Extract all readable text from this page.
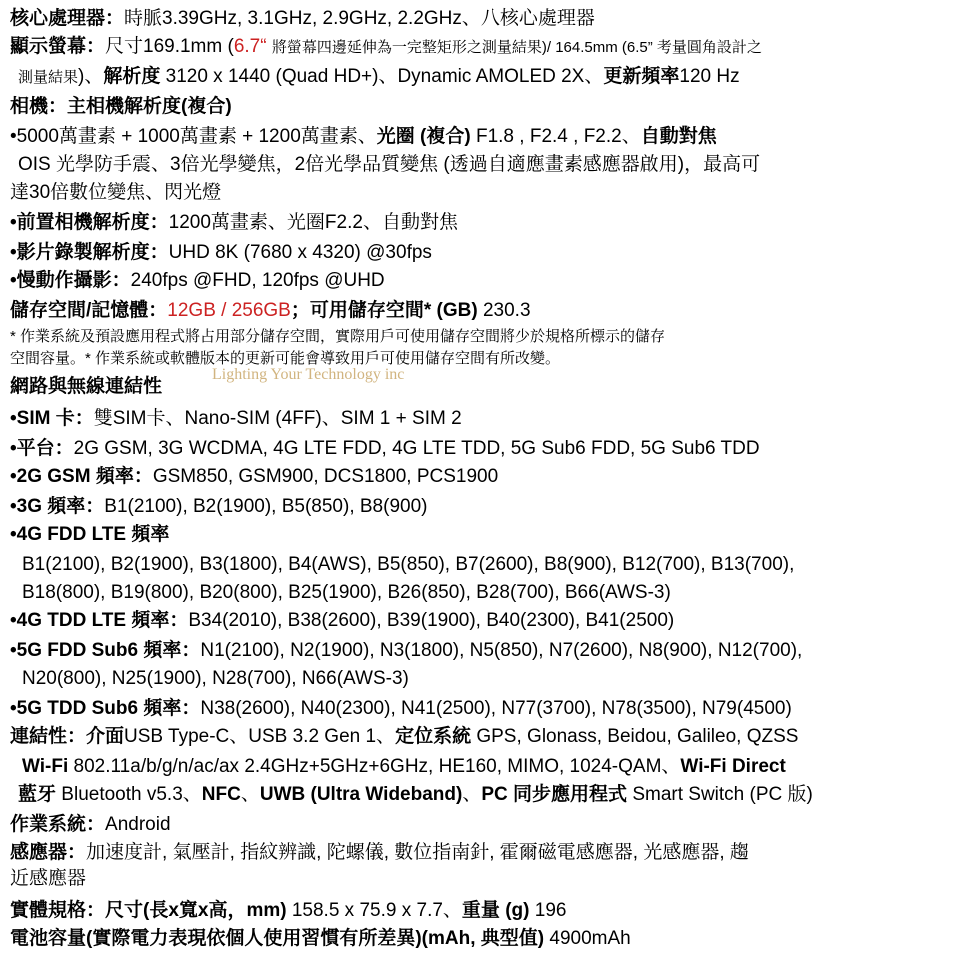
Lighting Your Technology inc
核心處理器：時脈3.39GHz, 3.1GHz, 2.9GHz, 2.2GHz、八核心處理器
顯示螢幕：尺寸169.1mm (6.7“ 將螢幕四邊延伸為一完整矩形之測量結果)/ 164.5mm (6.5” 考量圓角設計之
測量結果)、解析度 3120 x 1440 (Quad HD+)、Dynamic AMOLED 2X、更新頻率120 Hz
相機：主相機解析度(複合)
•5000萬畫素 + 1000萬畫素 + 1200萬畫素、光圈 (複合) F1.8 , F2.4 , F2.2、自動對焦
OIS 光學防手震、3倍光學變焦，2倍光學品質變焦 (透過自適應畫素感應器啟用)，最高可
達30倍數位變焦、閃光燈
•前置相機解析度：1200萬畫素、光圈F2.2、自動對焦
•影片錄製解析度：UHD 8K (7680 x 4320) @30fps
•慢動作攝影：240fps @FHD, 120fps @UHD
儲存空間/記憶體：12GB / 256GB；可用儲存空間* (GB) 230.3
* 作業系統及預設應用程式將占用部分儲存空間，實際用戶可使用儲存空間將少於規格所標示的儲存
空間容量。* 作業系統或軟體版本的更新可能會導致用戶可使用儲存空間有所改變。
網路與無線連結性
•SIM 卡：雙SIM卡、Nano-SIM (4FF)、SIM 1 + SIM 2
•平台：2G GSM, 3G WCDMA, 4G LTE FDD, 4G LTE TDD, 5G Sub6 FDD, 5G Sub6 TDD
•2G GSM 頻率：GSM850, GSM900, DCS1800, PCS1900
•3G 頻率：B1(2100), B2(1900), B5(850), B8(900)
•4G FDD LTE 頻率
B1(2100), B2(1900), B3(1800), B4(AWS), B5(850), B7(2600), B8(900), B12(700), B13(700),
B18(800), B19(800), B20(800), B25(1900), B26(850), B28(700), B66(AWS-3)
•4G TDD LTE 頻率：B34(2010), B38(2600), B39(1900), B40(2300), B41(2500)
•5G FDD Sub6 頻率：N1(2100), N2(1900), N3(1800), N5(850), N7(2600), N8(900), N12(700),
N20(800), N25(1900), N28(700), N66(AWS-3)
•5G TDD Sub6 頻率：N38(2600), N40(2300), N41(2500), N77(3700), N78(3500), N79(4500)
連結性：介面USB Type-C、USB 3.2 Gen 1、定位系統 GPS, Glonass, Beidou, Galileo, QZSS
Wi-Fi 802.11a/b/g/n/ac/ax 2.4GHz+5GHz+6GHz, HE160, MIMO, 1024-QAM、Wi-Fi Direct
藍牙 Bluetooth v5.3、NFC、UWB (Ultra Wideband)、PC 同步應用程式 Smart Switch (PC 版)
作業系統：Android
感應器：加速度計, 氣壓計, 指紋辨識, 陀螺儀, 數位指南針, 霍爾磁電感應器, 光感應器, 趨
近感應器
實體規格：尺寸(長x寬x高，mm) 158.5 x 75.9 x 7.7、重量 (g) 196
電池容量(實際電力表現依個人使用習慣有所差異)(mAh, 典型值) 4900mAh
